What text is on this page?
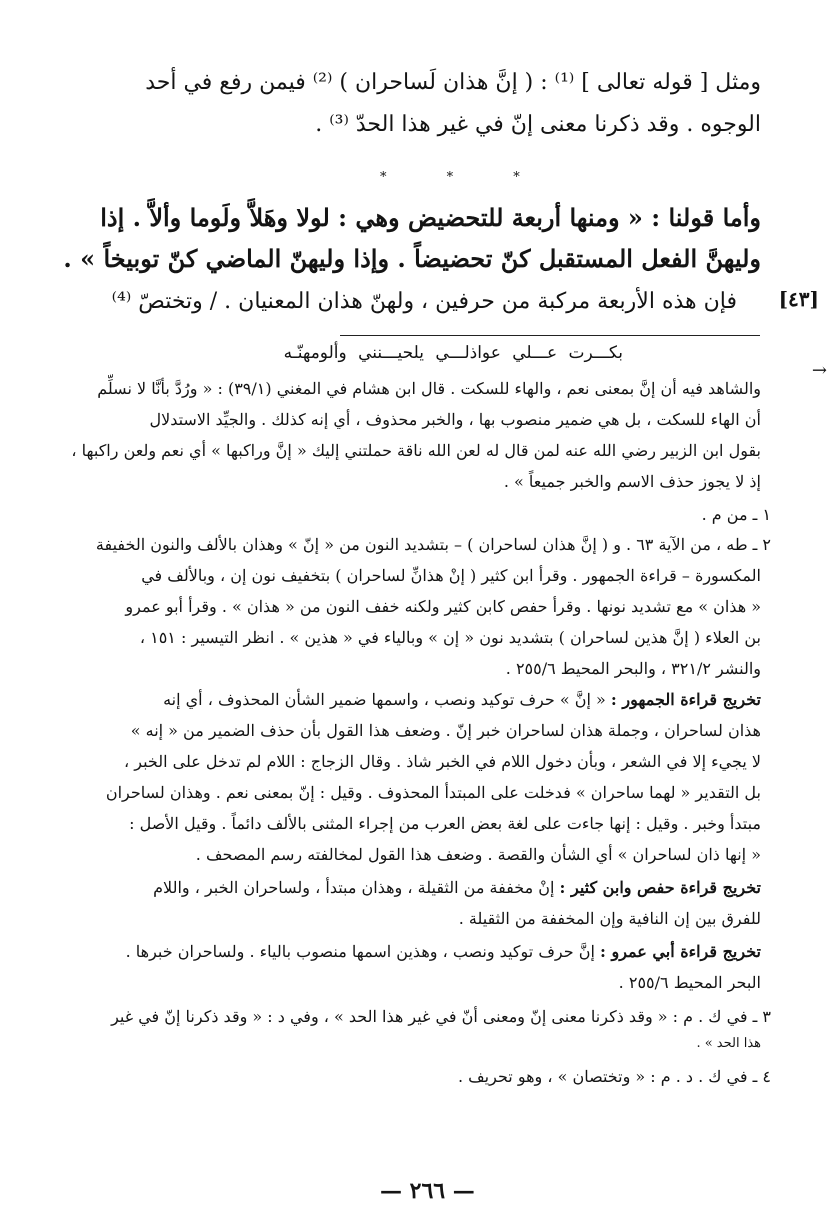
ومثل [ قوله تعالى ] ⁽¹⁾ : ( إنَّ هذان لَساحران ) ⁽²⁾ فيمن رفع في أحد
الوجوه . وقد ذكرنا معنى إنّ في غير هذا الحدّ ⁽³⁾ .
* * *
وأما قولنا : « ومنها أربعة للتحضيض وهي : لولا وهَلاَّ ولَوما وألاَّ . إذا
وليهنَّ الفعل المستقبل كنّ تحضيضاً . وإذا وليهنّ الماضي كنّ توبيخاً » .
فإن هذه الأربعة مركبة من حرفين ، ولهنّ هذان المعنيان . / وتختصّ ⁽⁴⁾ [٤٣]
→
بكـــرت عـــلي عواذلـــي يلحيـــنني وألومهنّـه
والشاهد فيه أن إنَّ بمعنى نعم ، والهاء للسكت . قال ابن هشام في المغني (٣٩/١) : « ورُدَّ بأنَّا لا نسلِّم
أن الهاء للسكت ، بل هي ضمير منصوب بها ، والخبر محذوف ، أي إنه كذلك . والجيِّد الاستدلال
بقول ابن الزبير رضي الله عنه لمن قال له لعن الله ناقة حملتني إليك « إنَّ وراكبها » أي نعم ولعن راكبها ،
إذ لا يجوز حذف الاسم والخبر جميعاً » .
١ ـ من م .
٢ ـ طه ، من الآية ٦٣ . و ( إنَّ هذان لساحران ) – بتشديد النون من « إنّ » وهذان بالألف والنون الخفيفة
المكسورة – قراءة الجمهور . وقرأ ابن كثير ( إنْ هذانِّ لساحران ) بتخفيف نون إن ، وبالألف في
« هذان » مع تشديد نونها . وقرأ حفص كابن كثير ولكنه خفف النون من « هذان » . وقرأ أبو عمرو
بن العلاء ( إنَّ هذين لساحران ) بتشديد نون « إن » وبالياء في « هذين » . انظر التيسير : ١٥١ ،
والنشر ٣٢١/٢ ، والبحر المحيط ٢٥٥/٦ .
تخريج قراءة الجمهور : « إنَّ » حرف توكيد ونصب ، واسمها ضمير الشأن المحذوف ، أي إنه
هذان لساحران ، وجملة هذان لساحران خبر إنّ . وضعف هذا القول بأن حذف الضمير من « إنه »
لا يجيء إلا في الشعر ، وبأن دخول اللام في الخبر شاذ . وقال الزجاج : اللام لم تدخل على الخبر ،
بل التقدير « لهما ساحران » فدخلت على المبتدأ المحذوف . وقيل : إنّ بمعنى نعم . وهذان لساحران
مبتدأ وخبر . وقيل : إنها جاءت على لغة بعض العرب من إجراء المثنى بالألف دائماً . وقيل الأصل :
« إنها ذان لساحران » أي الشأن والقصة . وضعف هذا القول لمخالفته رسم المصحف .
تخريج قراءة حفص وابن كثير : إنْ مخففة من الثقيلة ، وهذان مبتدأ ، ولساحران الخبر ، واللام
للفرق بين إن النافية وإن المخففة من الثقيلة .
تخريج قراءة أبي عمرو : إنَّ حرف توكيد ونصب ، وهذين اسمها منصوب بالياء . ولساحران خبرها .
البحر المحيط ٢٥٥/٦ .
٣ ـ في ك . م : « وقد ذكرنا معنى إنّ ومعنى أنّ في غير هذا الحد » ، وفي د : « وقد ذكرنا إنّ في غير
هذا الحد » .
٤ ـ في ك . د . م : « وتختصان » ، وهو تحريف .
— ٢٦٦ —
